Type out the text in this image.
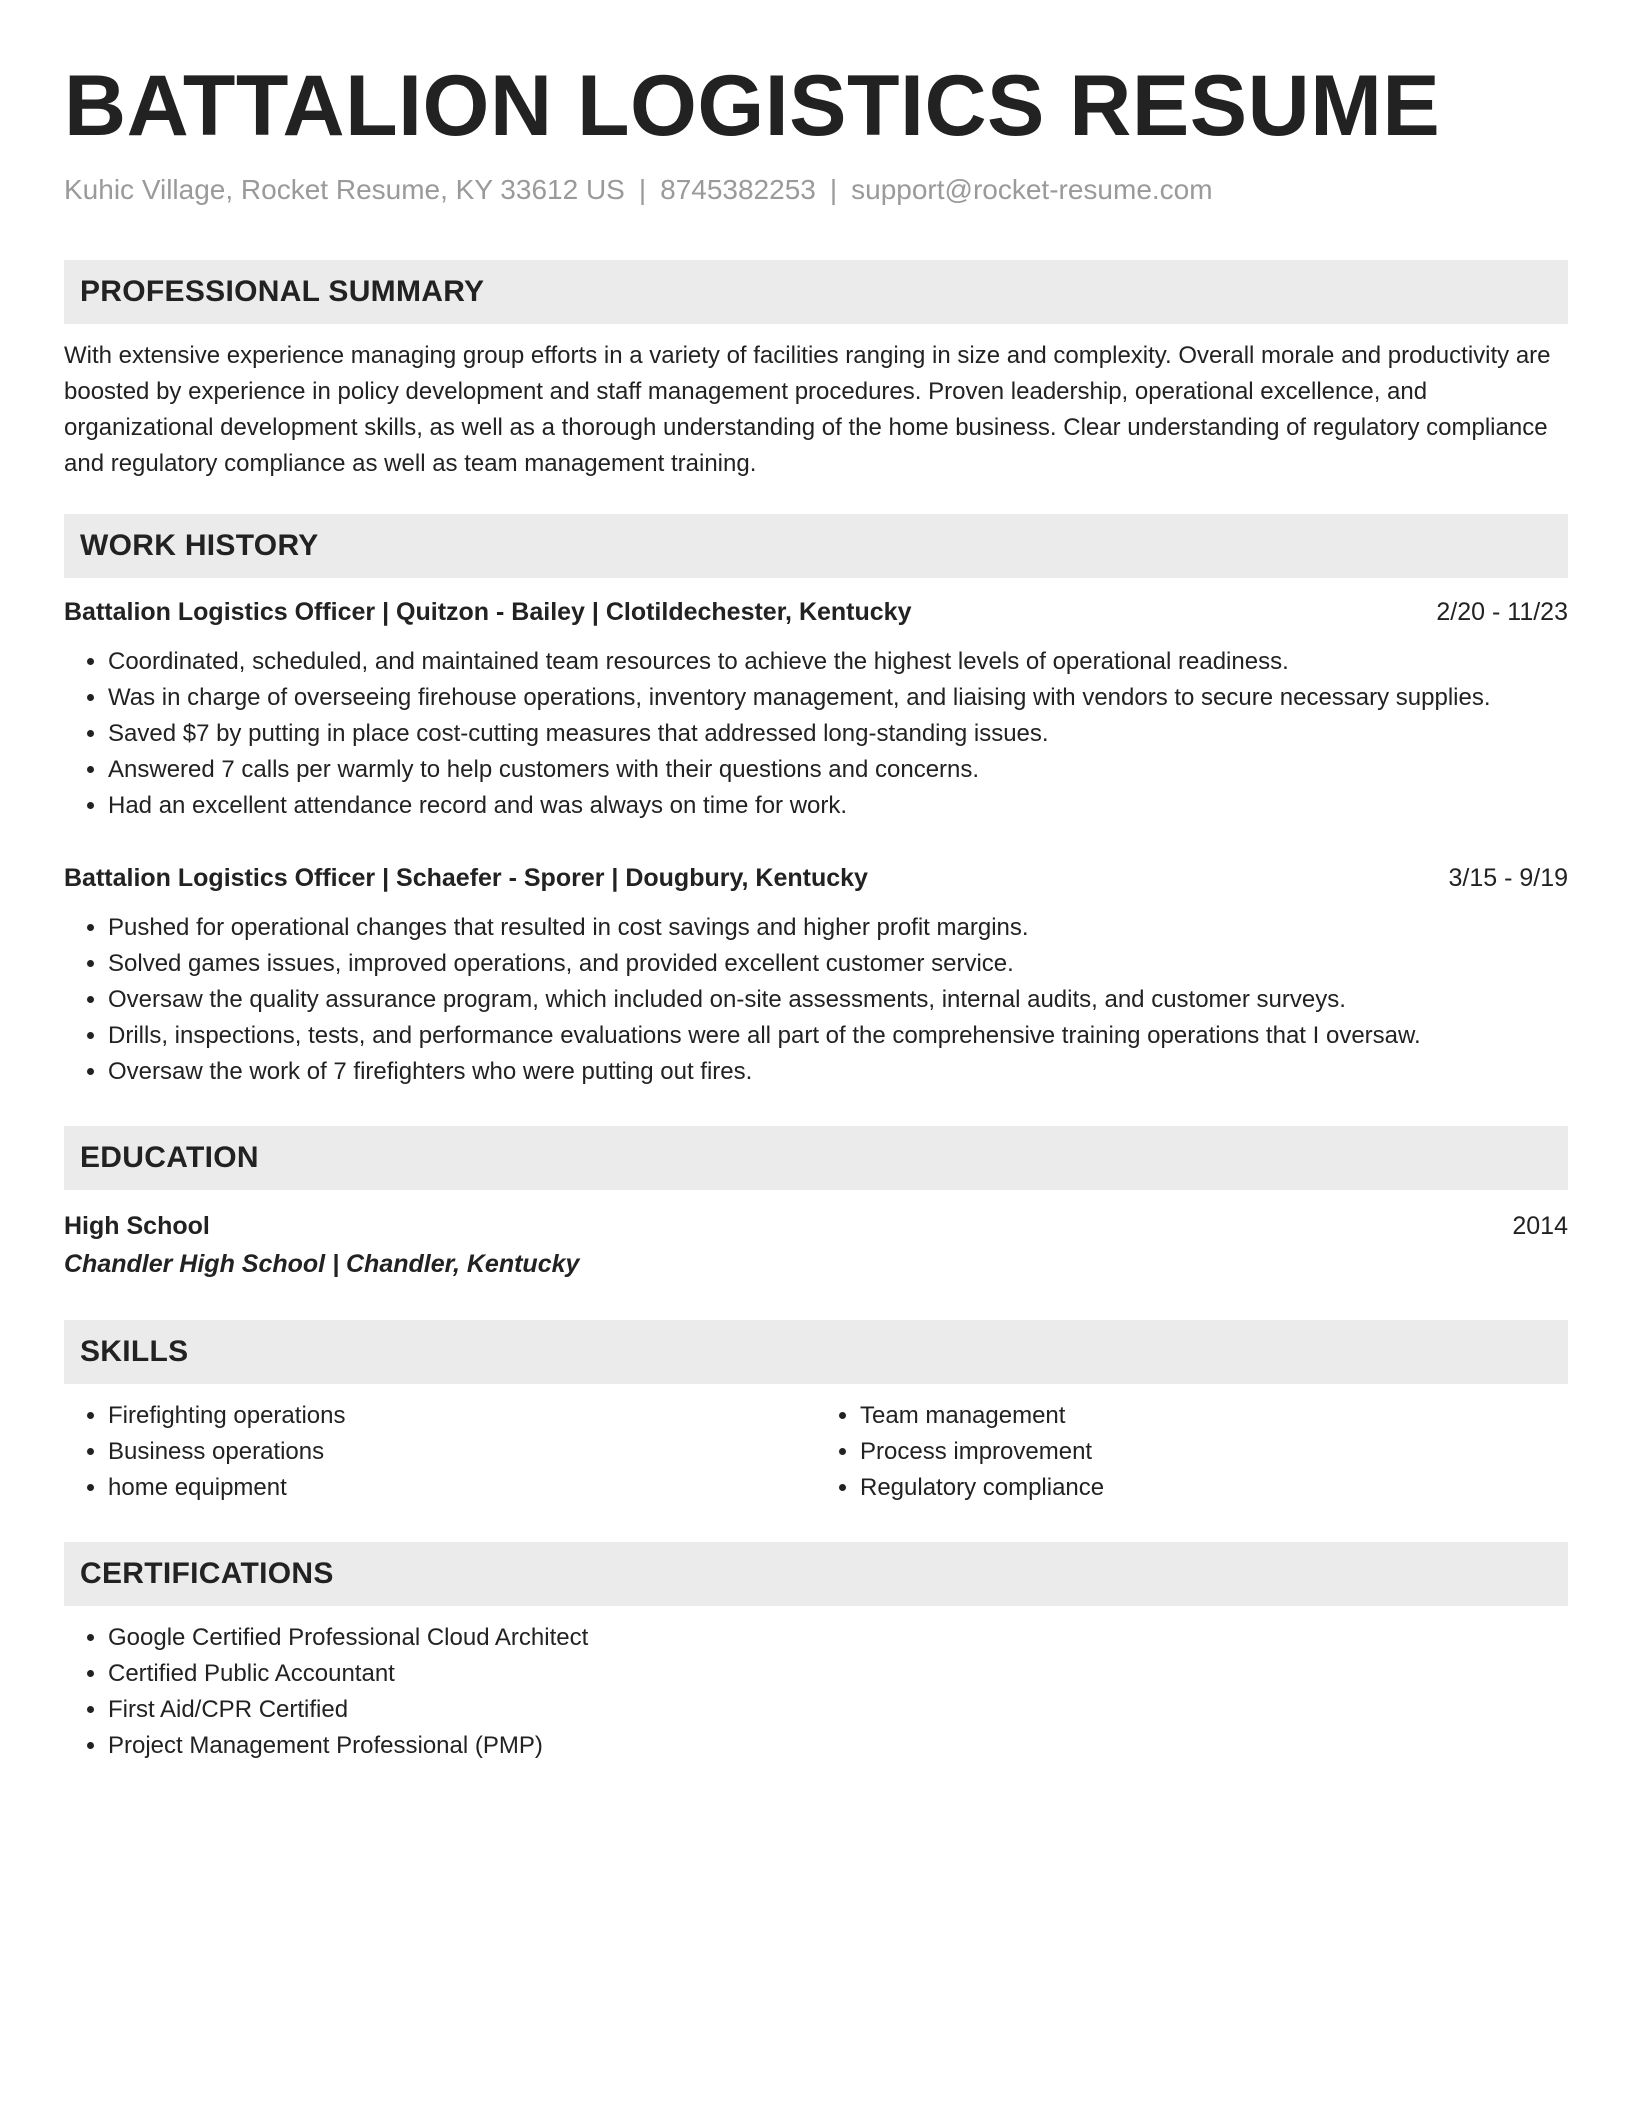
BATTALION LOGISTICS RESUME
Kuhic Village, Rocket Resume, KY 33612 US | 8745382253 | support@rocket-resume.com
PROFESSIONAL SUMMARY
With extensive experience managing group efforts in a variety of facilities ranging in size and complexity. Overall morale and productivity are boosted by experience in policy development and staff management procedures. Proven leadership, operational excellence, and organizational development skills, as well as a thorough understanding of the home business. Clear understanding of regulatory compliance and regulatory compliance as well as team management training.
WORK HISTORY
Battalion Logistics Officer | Quitzon - Bailey | Clotildechester, Kentucky	2/20 - 11/23
• Coordinated, scheduled, and maintained team resources to achieve the highest levels of operational readiness.
• Was in charge of overseeing firehouse operations, inventory management, and liaising with vendors to secure necessary supplies.
• Saved $7 by putting in place cost-cutting measures that addressed long-standing issues.
• Answered 7 calls per warmly to help customers with their questions and concerns.
• Had an excellent attendance record and was always on time for work.
Battalion Logistics Officer | Schaefer - Sporer | Dougbury, Kentucky	3/15 - 9/19
• Pushed for operational changes that resulted in cost savings and higher profit margins.
• Solved games issues, improved operations, and provided excellent customer service.
• Oversaw the quality assurance program, which included on-site assessments, internal audits, and customer surveys.
• Drills, inspections, tests, and performance evaluations were all part of the comprehensive training operations that I oversaw.
• Oversaw the work of 7 firefighters who were putting out fires.
EDUCATION
High School	2014
Chandler High School | Chandler, Kentucky
SKILLS
• Firefighting operations
• Business operations
• home equipment
• Team management
• Process improvement
• Regulatory compliance
CERTIFICATIONS
• Google Certified Professional Cloud Architect
• Certified Public Accountant
• First Aid/CPR Certified
• Project Management Professional (PMP)
